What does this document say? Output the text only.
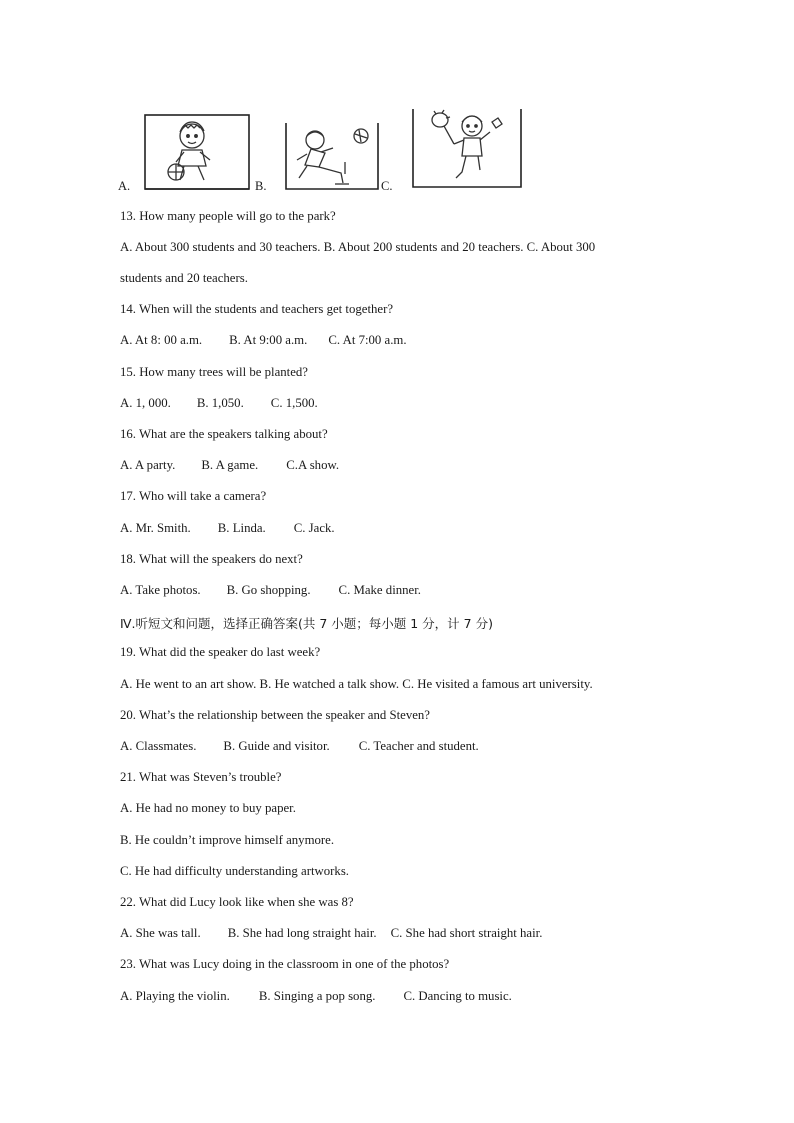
A.	B.	C.
13. How many people will go to the park?
A. About 300 students and 30 teachers. B. About 200 students and 20 teachers. C. About 300
students and 20 teachers.
14. When will the students and teachers get together?
A. At 8: 00 a.m. B. At 9:00 a.m. C. At 7:00 a.m.
15. How many trees will be planted?
A. 1, 000. B. 1,050. C. 1,500.
16. What are the speakers talking about?
A. A party. B. A game. C.A show.
17. Who will take a camera?
A. Mr. Smith. B. Linda. C. Jack.
18. What will the speakers do next?
A. Take photos. B. Go shopping. C. Make dinner.
Ⅳ.听短文和问题，选择正确答案(共 7 小题；每小题 1 分，计 7 分)
19. What did the speaker do last week?
A. He went to an art show. B. He watched a talk show. C. He visited a famous art university.
20. What’s the relationship between the speaker and Steven?
A. Classmates. B. Guide and visitor. C. Teacher and student.
21. What was Steven’s trouble?
A. He had no money to buy paper.
B. He couldn’t improve himself anymore.
C. He had difficulty understanding artworks.
22. What did Lucy look like when she was 8?
A. She was tall. B. She had long straight hair. C. She had short straight hair.
23. What was Lucy doing in the classroom in one of the photos?
A. Playing the violin. B. Singing a pop song. C. Dancing to music.
